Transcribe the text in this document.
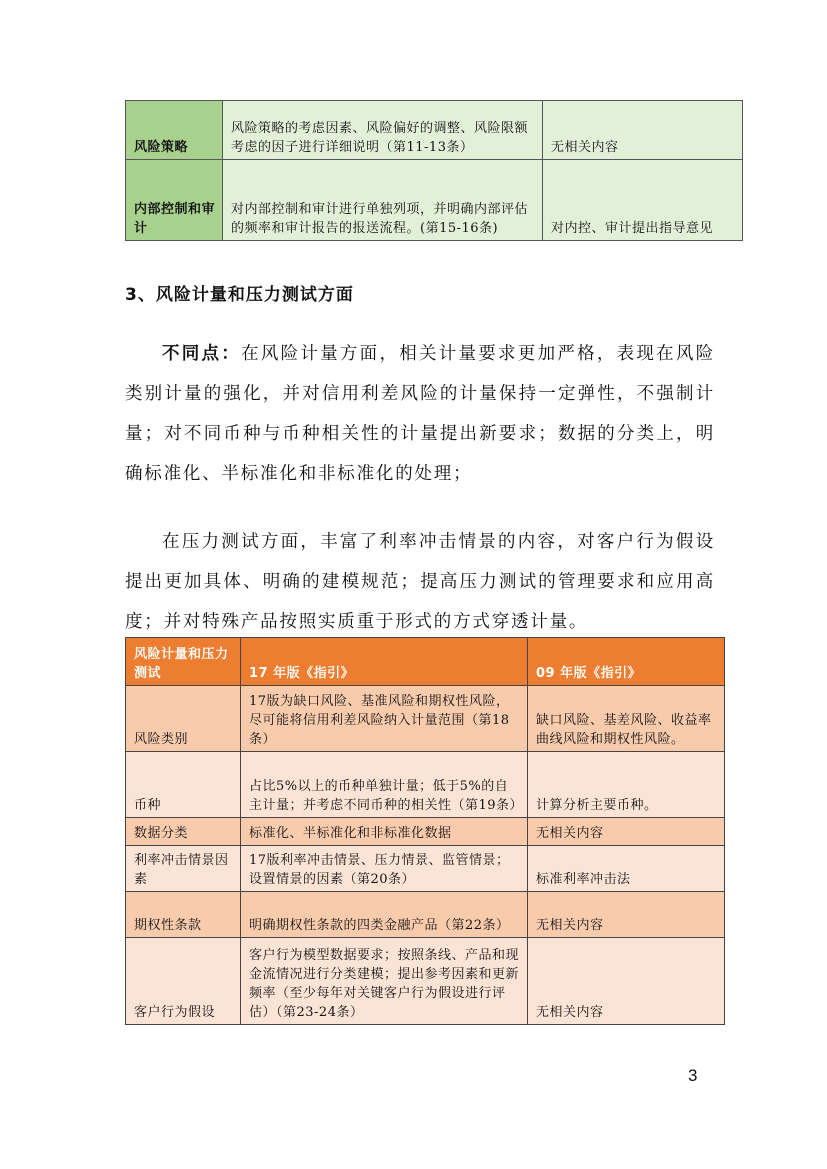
风险策略	风险策略的考虑因素、风险偏好的调整、风险限额考虑的因子进行详细说明（第11-13条）	无相关内容
内部控制和审计	对内部控制和审计进行单独列项，并明确内部评估的频率和审计报告的报送流程。(第15-16条)	对内控、审计提出指导意见
3、风险计量和压力测试方面

不同点：在风险计量方面，相关计量要求更加严格，表现在风险类别计量的强化，并对信用利差风险的计量保持一定弹性，不强制计量；对不同币种与币种相关性的计量提出新要求；数据的分类上，明确标准化、半标准化和非标准化的处理；

在压力测试方面，丰富了利率冲击情景的内容，对客户行为假设提出更加具体、明确的建模规范；提高压力测试的管理要求和应用高度；并对特殊产品按照实质重于形式的方式穿透计量。

风险计量和压力测试	17 年版《指引》	09 年版《指引》
风险类别	17版为缺口风险、基准风险和期权性风险，尽可能将信用利差风险纳入计量范围（第18条）	缺口风险、基差风险、收益率曲线风险和期权性风险。
币种	占比5%以上的币种单独计量；低于5%的自主计量；并考虑不同币种的相关性（第19条）	计算分析主要币种。
数据分类	标准化、半标准化和非标准化数据	无相关内容
利率冲击情景因素	17版利率冲击情景、压力情景、监管情景；设置情景的因素（第20条）	标准利率冲击法
期权性条款	明确期权性条款的四类金融产品（第22条）	无相关内容
客户行为假设	客户行为模型数据要求；按照条线、产品和现金流情况进行分类建模；提出参考因素和更新频率（至少每年对关键客户行为假设进行评估）（第23-24条）	无相关内容
3
